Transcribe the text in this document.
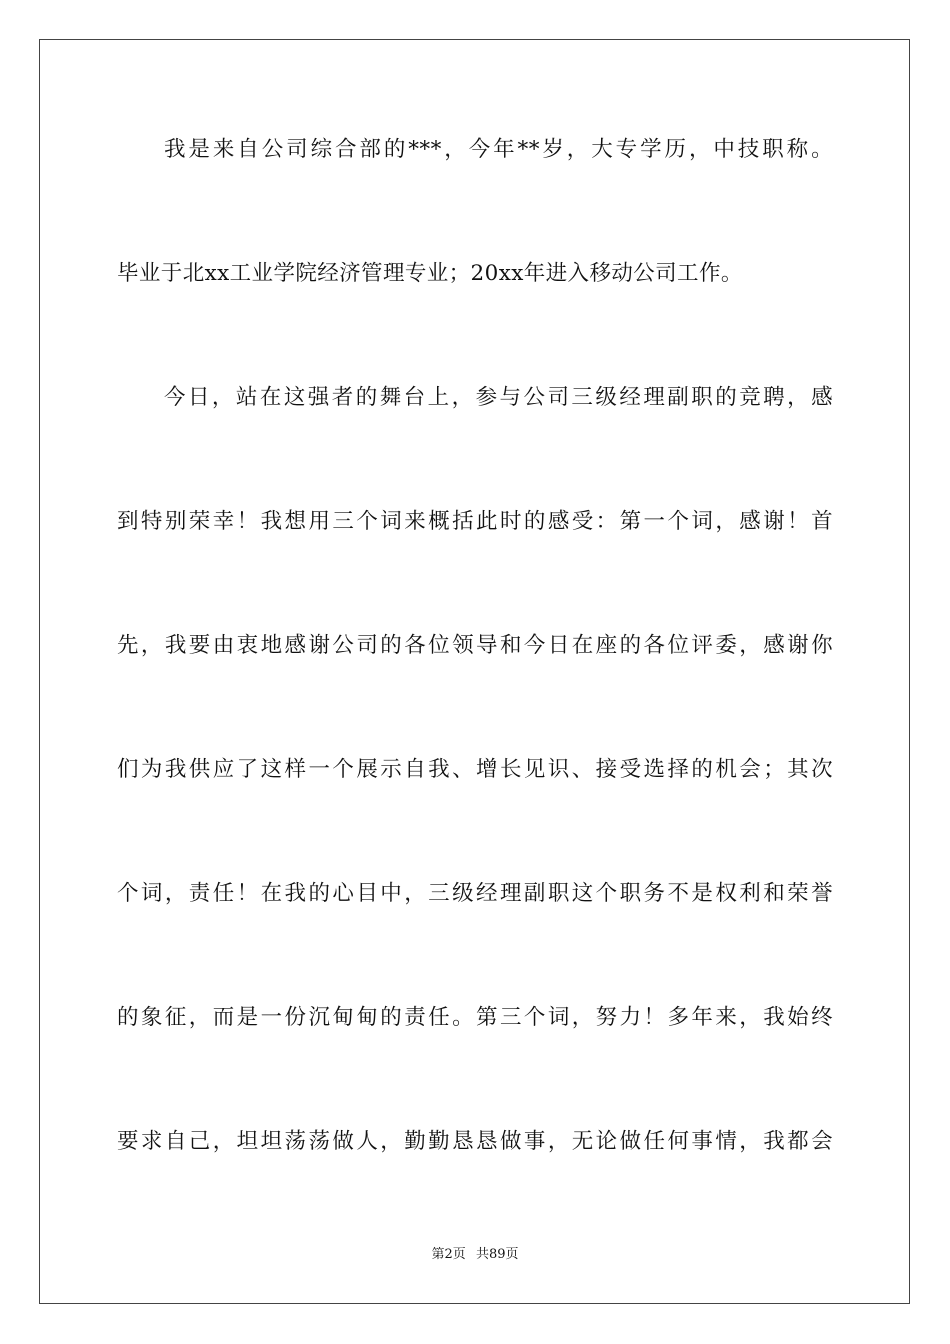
我是来自公司综合部的***，今年**岁，大专学历，中技职称。
毕业于北xx工业学院经济管理专业；20xx年进入移动公司工作。
今日，站在这强者的舞台上，参与公司三级经理副职的竞聘，感
到特别荣幸！我想用三个词来概括此时的感受：第一个词，感谢！首
先，我要由衷地感谢公司的各位领导和今日在座的各位评委，感谢你
们为我供应了这样一个展示自我、增长见识、接受选择的机会；其次
个词，责任！在我的心目中，三级经理副职这个职务不是权利和荣誉
的象征，而是一份沉甸甸的责任。第三个词，努力！多年来，我始终
要求自己，坦坦荡荡做人，勤勤恳恳做事，无论做任何事情，我都会
第2页 共89页
